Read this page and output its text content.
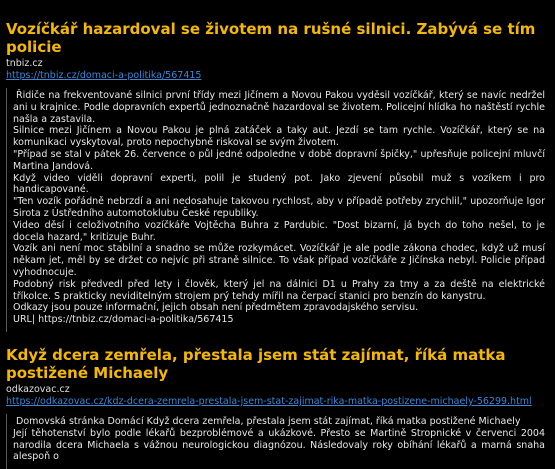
Vozíčkář hazardoval se životem na rušné silnici. Zabývá se tím policie
tnbiz.cz
https://tnbiz.cz/domaci-a-politika/567415

Řidiče na frekventované silnici první třídy mezi Jičínem a Novou Pakou vyděsil vozíčkář, který se navíc nedržel ani u krajnice. Podle dopravních expertů jednoznačně hazardoval se životem. Policejní hlídka ho naštěstí rychle našla a zastavila.

Silnice mezi Jičínem a Novou Pakou je plná zatáček a taky aut. Jezdí se tam rychle. Vozíčkář, který se na komunikaci vyskytoval, proto nepochybně riskoval se svým životem.

"Případ se stal v pátek 26. července o půl jedné odpoledne v době dopravní špičky," upřesňuje policejní mluvčí Martina Jandová.

Když video viděli dopravní experti, polil je studený pot. Jako zjevení působil muž s vozíkem i pro handicapované.

"Ten vozík pořádně nebrzdí a ani nedosahuje takovou rychlost, aby v případě potřeby zrychlil," upozorňuje Igor Sirota z Ústředního automotoklubu České republiky.

Video děsí i celoživotního vozíčkáře Vojtěcha Buhra z Pardubic. "Dost bizarní, já bych do toho nešel, to je docela hazard," kritizuje Buhr.

Vozík ani není moc stabilní a snadno se může rozkymácet. Vozíčkář je ale podle zákona chodec, když už musí někam jet, měl by se držet co nejvíc při straně silnice. To však případ vozíčkáře z Jičínska nebyl. Policie případ vyhodnocuje.

Podobný risk předvedl před lety i člověk, který jel na dálnici D1 u Prahy za tmy a za deště na elektrické tříkolce. S prakticky neviditelným strojem prý tehdy mířil na čerpací stanici pro benzín do kanystru.

Odkazy jsou pouze informační, jejich obsah není předmětem zpravodajského servisu.

URL| https://tnbiz.cz/domaci-a-politika/567415

Když dcera zemřela, přestala jsem stát zajímat, říká matka postižené Michaely
odkazovac.cz
https://odkazovac.cz/kdz-dcera-zemrela-prestala-jsem-stat-zajimat-rika-matka-postizene-michaely-56299.html

Domovská stránka Domácí Když dcera zemřela, přestala jsem stát zajímat, říká matka postižené Michaely

Její těhotenství bylo podle lékařů bezproblémové a ukázkové. Přesto se Martině Stropnické v červenci 2004 narodila dcera Michaela s vážnou neurologickou diagnózou. Následovaly roky obíhání lékařů a marná snaha alespoň o
